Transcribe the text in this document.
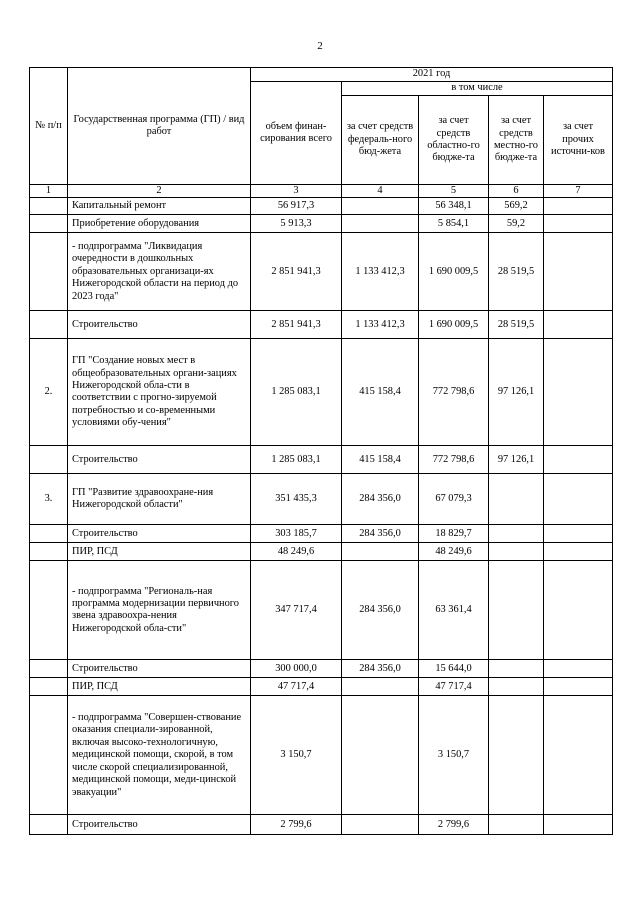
2
№ п/п	Государственная программа (ГП) / вид работ	2021 год				
		объем финан-сирования всего	в том числе			
			за счет средств федераль-ного бюд-жета	за счет средств областно-го бюдже-та	за счет средств местно-го бюдже-та	за счет прочих источни-ков
1	2	3	4	5	6	7
	Капитальный ремонт	56 917,3		56 348,1	569,2	
	Приобретение оборудования	5 913,3		5 854,1	59,2	
	- подпрограмма "Ликвидация очередности в дошкольных образовательных организаци-ях Нижегородской области на период до 2023 года"	2 851 941,3	1 133 412,3	1 690 009,5	28 519,5	
	Строительство	2 851 941,3	1 133 412,3	1 690 009,5	28 519,5	
2.	ГП "Создание новых мест в общеобразовательных органи-зациях Нижегородской обла-сти в соответствии с прогно-зируемой потребностью и со-временными условиями обу-чения"	1 285 083,1	415 158,4	772 798,6	97 126,1	
	Строительство	1 285 083,1	415 158,4	772 798,6	97 126,1	
3.	ГП "Развитие здравоохране-ния Нижегородской области"	351 435,3	284 356,0	67 079,3		
	Строительство	303 185,7	284 356,0	18 829,7		
	ПИР, ПСД	48 249,6		48 249,6		
	- подпрограмма "Региональ-ная программа модернизации первичного звена здравоохра-нения Нижегородской обла-сти"	347 717,4	284 356,0	63 361,4		
	Строительство	300 000,0	284 356,0	15 644,0		
	ПИР, ПСД	47 717,4		47 717,4		
	- подпрограмма "Совершен-ствование оказания специали-зированной, включая высоко-технологичную, медицинской помощи, скорой, в том числе скорой специализированной, медицинской помощи, меди-цинской эвакуации"	3 150,7		3 150,7		
	Строительство	2 799,6		2 799,6		
